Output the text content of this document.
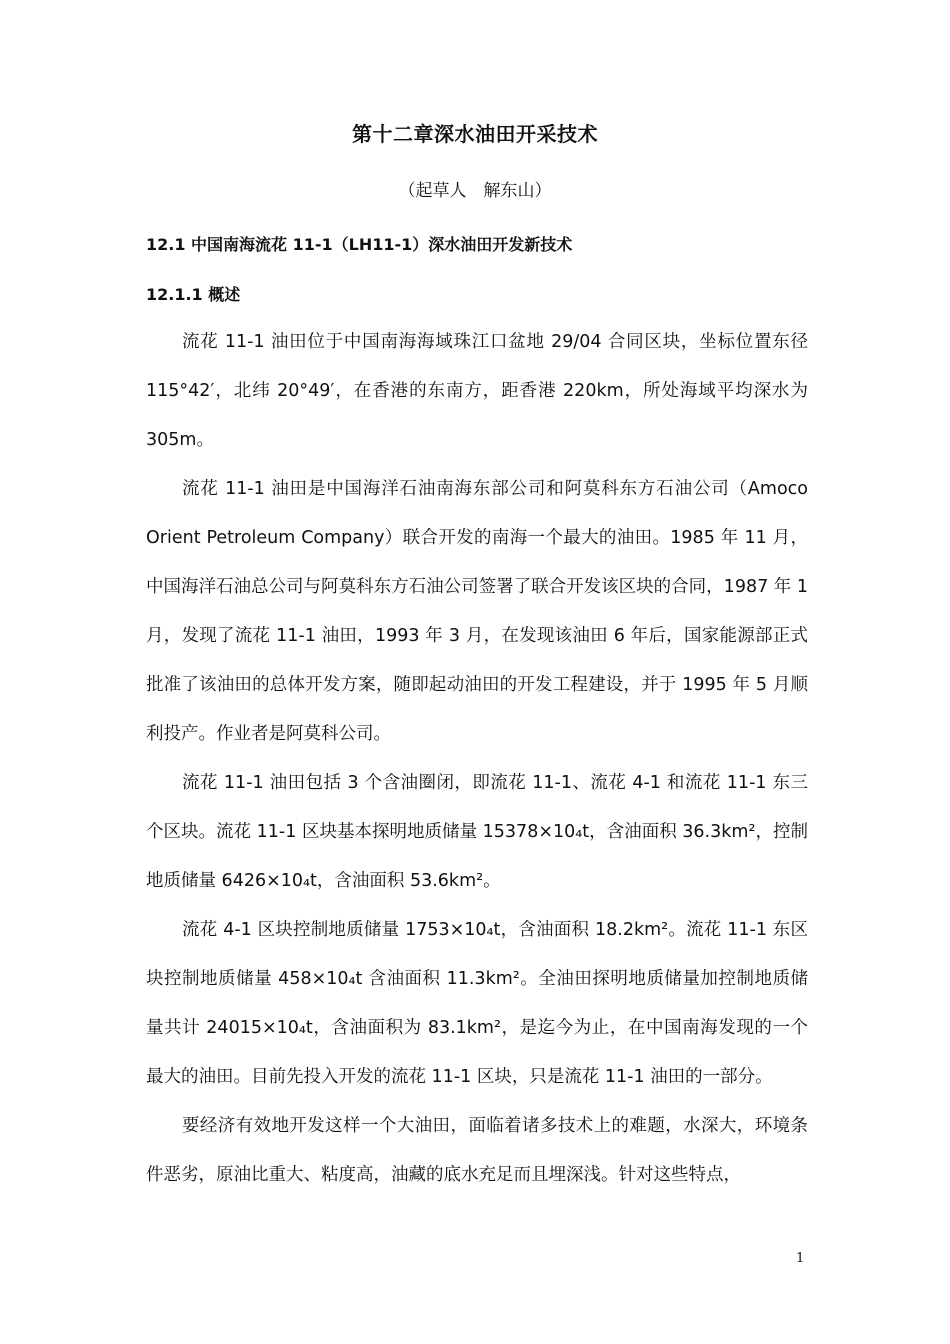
第十二章深水油田开采技术

（起草人　解东山）

12.1 中国南海流花 11-1（LH11-1）深水油田开发新技术
12.1.1 概述

流花 11-1 油田位于中国南海海域珠江口盆地 29/04 合同区块，坐标位置东径 115°42′，北纬 20°49′，在香港的东南方，距香港 220km，所处海域平均深水为 305m。

流花 11-1 油田是中国海洋石油南海东部公司和阿莫科东方石油公司（Amoco Orient Petroleum Company）联合开发的南海一个最大的油田。1985 年 11 月，中国海洋石油总公司与阿莫科东方石油公司签署了联合开发该区块的合同，1987 年 1 月，发现了流花 11-1 油田，1993 年 3 月，在发现该油田 6 年后，国家能源部正式批准了该油田的总体开发方案，随即起动油田的开发工程建设，并于 1995 年 5 月顺利投产。作业者是阿莫科公司。

流花 11-1 油田包括 3 个含油圈闭，即流花 11-1、流花 4-1 和流花 11-1 东三个区块。流花 11-1 区块基本探明地质储量 15378×10₄t，含油面积 36.3km²，控制地质储量 6426×10₄t，含油面积 53.6km²。

流花 4-1 区块控制地质储量 1753×10₄t，含油面积 18.2km²。流花 11-1 东区块控制地质储量 458×10₄t 含油面积 11.3km²。全油田探明地质储量加控制地质储量共计 24015×10₄t，含油面积为 83.1km²，是迄今为止，在中国南海发现的一个最大的油田。目前先投入开发的流花 11-1 区块，只是流花 11-1 油田的一部分。

要经济有效地开发这样一个大油田，面临着诸多技术上的难题，水深大，环境条件恶劣，原油比重大、粘度高，油藏的底水充足而且埋深浅。针对这些特点，

1
